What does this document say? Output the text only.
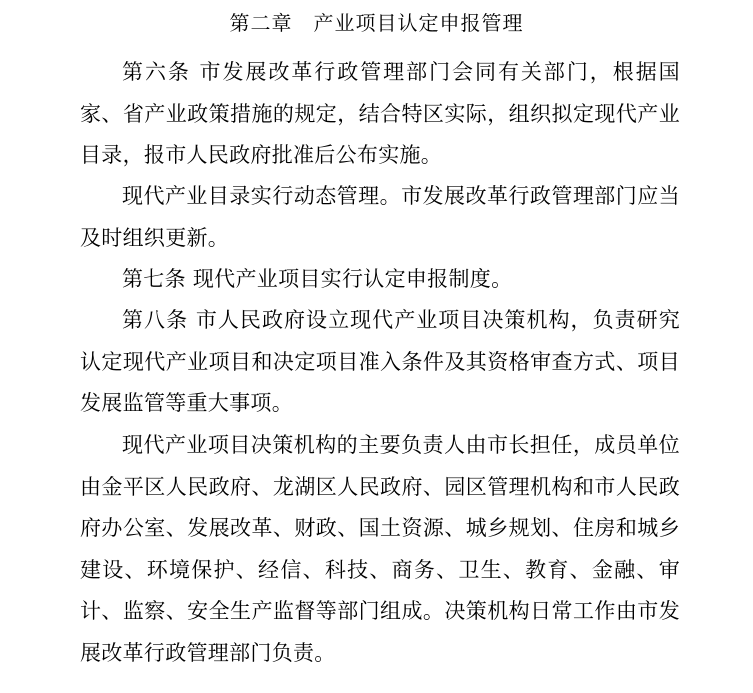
第二章　产业项目认定申报管理

第六条 市发展改革行政管理部门会同有关部门，根据国家、省产业政策措施的规定，结合特区实际，组织拟定现代产业目录，报市人民政府批准后公布实施。

现代产业目录实行动态管理。市发展改革行政管理部门应当及时组织更新。

第七条 现代产业项目实行认定申报制度。

第八条 市人民政府设立现代产业项目决策机构，负责研究认定现代产业项目和决定项目准入条件及其资格审查方式、项目发展监管等重大事项。

现代产业项目决策机构的主要负责人由市长担任，成员单位由金平区人民政府、龙湖区人民政府、园区管理机构和市人民政府办公室、发展改革、财政、国土资源、城乡规划、住房和城乡建设、环境保护、经信、科技、商务、卫生、教育、金融、审计、监察、安全生产监督等部门组成。决策机构日常工作由市发展改革行政管理部门负责。
